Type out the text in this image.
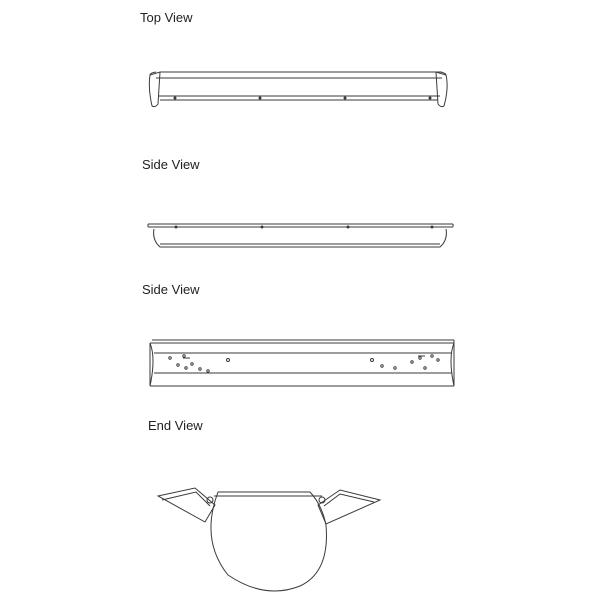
Top View
Side View
Side View
End View
